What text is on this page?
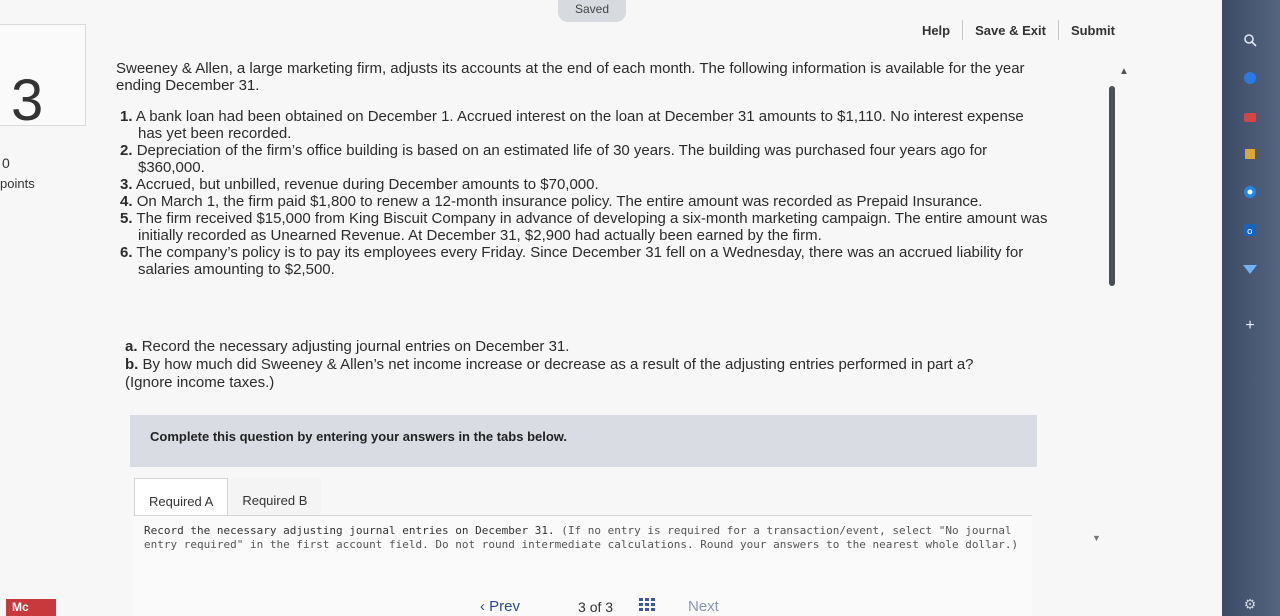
Saved
Help	Save & Exit	Submit
3
0
points
Sweeney & Allen, a large marketing firm, adjusts its accounts at the end of each month. The following information is available for the year ending December 31.
1. A bank loan had been obtained on December 1. Accrued interest on the loan at December 31 amounts to $1,110. No interest expense has yet been recorded.
2. Depreciation of the firm’s office building is based on an estimated life of 30 years. The building was purchased four years ago for $360,000.
3. Accrued, but unbilled, revenue during December amounts to $70,000.
4. On March 1, the firm paid $1,800 to renew a 12-month insurance policy. The entire amount was recorded as Prepaid Insurance.
5. The firm received $15,000 from King Biscuit Company in advance of developing a six-month marketing campaign. The entire amount was initially recorded as Unearned Revenue. At December 31, $2,900 had actually been earned by the firm.
6. The company’s policy is to pay its employees every Friday. Since December 31 fell on a Wednesday, there was an accrued liability for salaries amounting to $2,500.
a. Record the necessary adjusting journal entries on December 31.
b. By how much did Sweeney & Allen’s net income increase or decrease as a result of the adjusting entries performed in part a?
(Ignore income taxes.)
Complete this question by entering your answers in the tabs below.
Required A	Required B
Record the necessary adjusting journal entries on December 31. (If no entry is required for a transaction/event, select "No journal entry required" in the first account field. Do not round intermediate calculations. Round your answers to the nearest whole dollar.)
▲
▼
Mc	‹ Prev	3 of 3	Next
o
+
⚙
